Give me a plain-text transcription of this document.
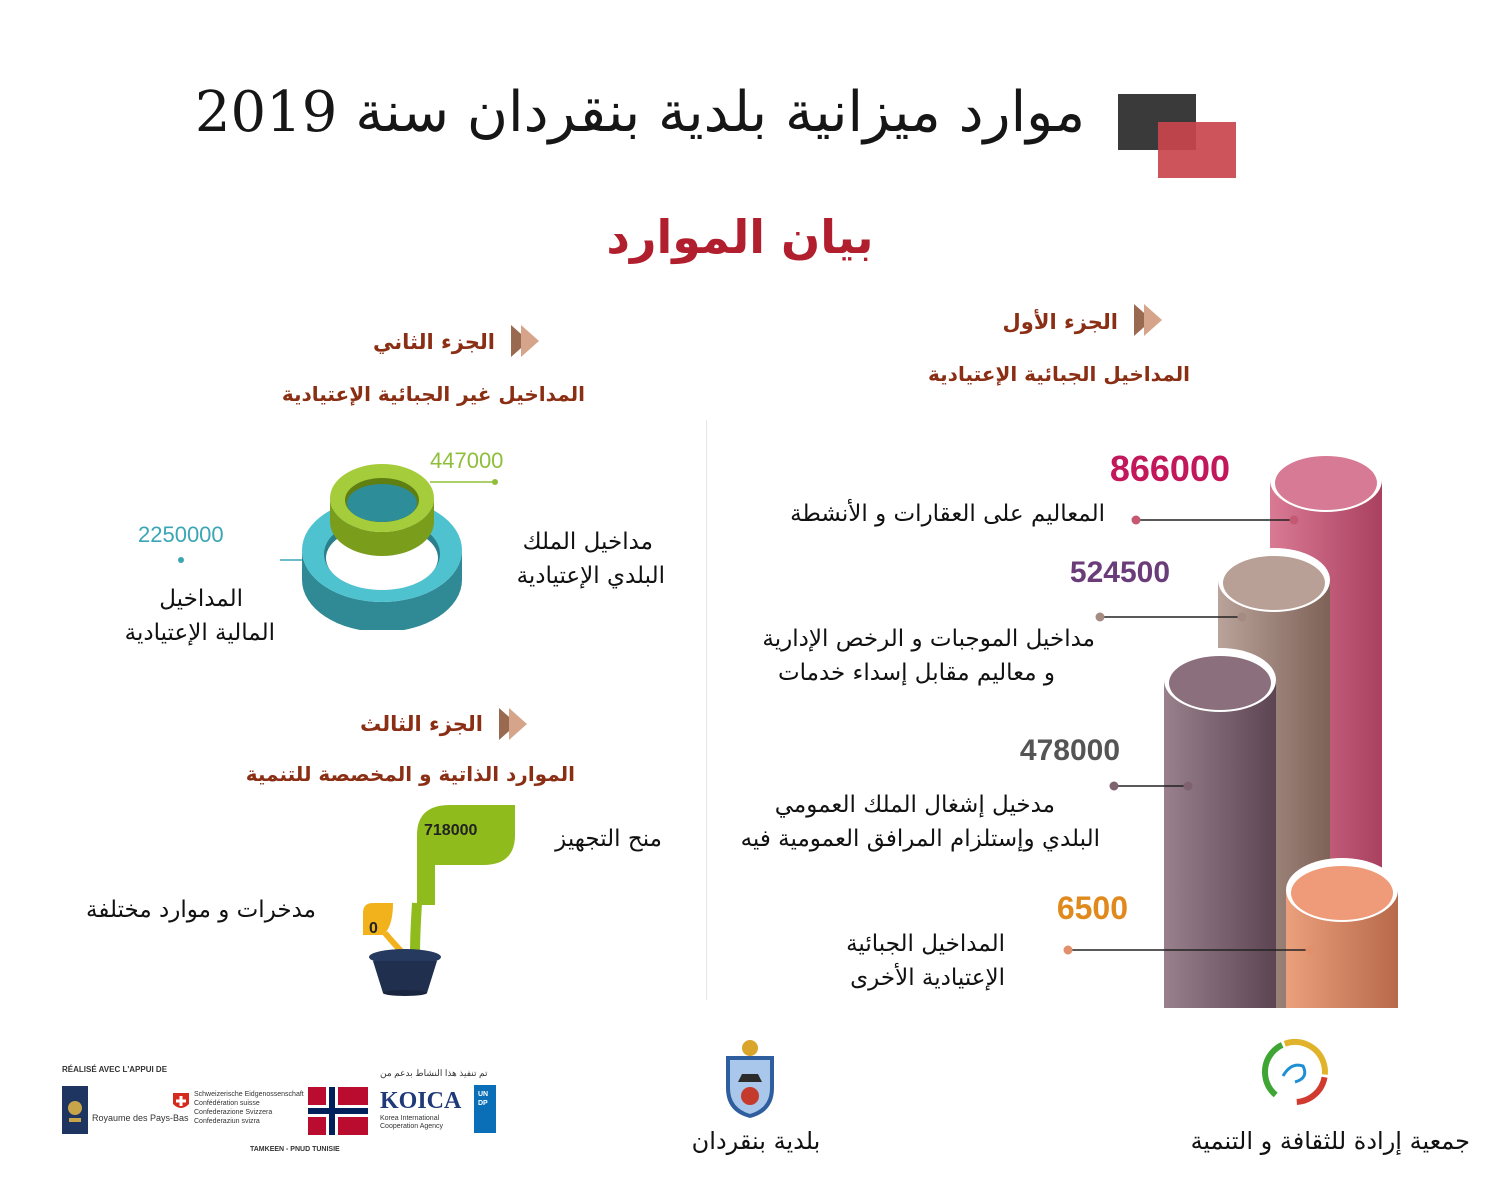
موارد ميزانية بلدية بنقردان سنة 2019
بيان الموارد
الجزء الأول
المداخيل الجبائية الإعتيادية
الجزء الثاني
المداخيل غير الجبائية الإعتيادية
الجزء الثالث
الموارد الذاتية و المخصصة للتنمية
866000
524500
478000
6500
المعاليم على العقارات و الأنشطة
مداخيل الموجبات و الرخص الإدارية
و معاليم مقابل إسداء خدمات
مدخيل إشغال الملك العمومي
البلدي وإستلزام المرافق العمومية فيه
المداخيل الجبائية
الإعتيادية الأخرى
447000
2250000	مداخيل الملك
البلدي الإعتيادية
المداخيل
المالية الإعتيادية
718000
0
منح التجهيز
مدخرات و موارد مختلفة
RÉALISÉ AVEC L'APPUI DE
Royaume des Pays-Bas
Schweizerische Eidgenossenschaft
Confédération suisse
Confederazione Svizzera
Confederaziun svizra
تم تنفيذ هذا النشاط بدعم من
KOICA
Korea International Cooperation Agency
UNDP
TAMKEEN - PNUD TUNISIE	بلدية بنقردان	جمعية إرادة للثقافة و التنمية
